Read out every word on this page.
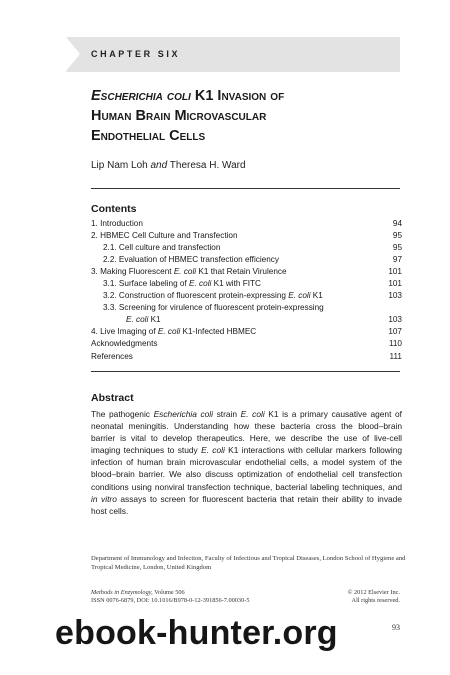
CHAPTER SIX
Escherichia coli K1 Invasion of
Human Brain Microvascular
Endothelial Cells
Lip Nam Loh and Theresa H. Ward
Contents
1. Introduction	94
2. HBMEC Cell Culture and Transfection	95
2.1. Cell culture and transfection	95
2.2. Evaluation of HBMEC transfection efficiency	97
3. Making Fluorescent E. coli K1 that Retain Virulence	101
3.1. Surface labeling of E. coli K1 with FITC	101
3.2. Construction of fluorescent protein-expressing E. coli K1	103
3.3. Screening for virulence of fluorescent protein-expressing
E. coli K1	103
4. Live Imaging of E. coli K1-Infected HBMEC	107
Acknowledgments	110
References	111
Abstract
The pathogenic Escherichia coli strain E. coli K1 is a primary causative agent of neonatal meningitis. Understanding how these bacteria cross the blood–brain barrier is vital to develop therapeutics. Here, we describe the use of live-cell imaging techniques to study E. coli K1 interactions with cellular markers following infection of human brain microvascular endothelial cells, a model system of the blood–brain barrier. We also discuss optimization of endothelial cell transfection conditions using nonviral transfection technique, bacterial labeling techniques, and in vitro assays to screen for fluorescent bacteria that retain their ability to invade host cells.
Department of Immunology and Infection, Faculty of Infectious and Tropical Diseases, London School of Hygiene and Tropical Medicine, London, United Kingdom
Methods in Enzymology, Volume 506	© 2012 Elsevier Inc.
ISSN 0076-6879, DOI: 10.1016/B978-0-12-391856-7.00030-5	All rights reserved.
93
ebook-hunter.org
